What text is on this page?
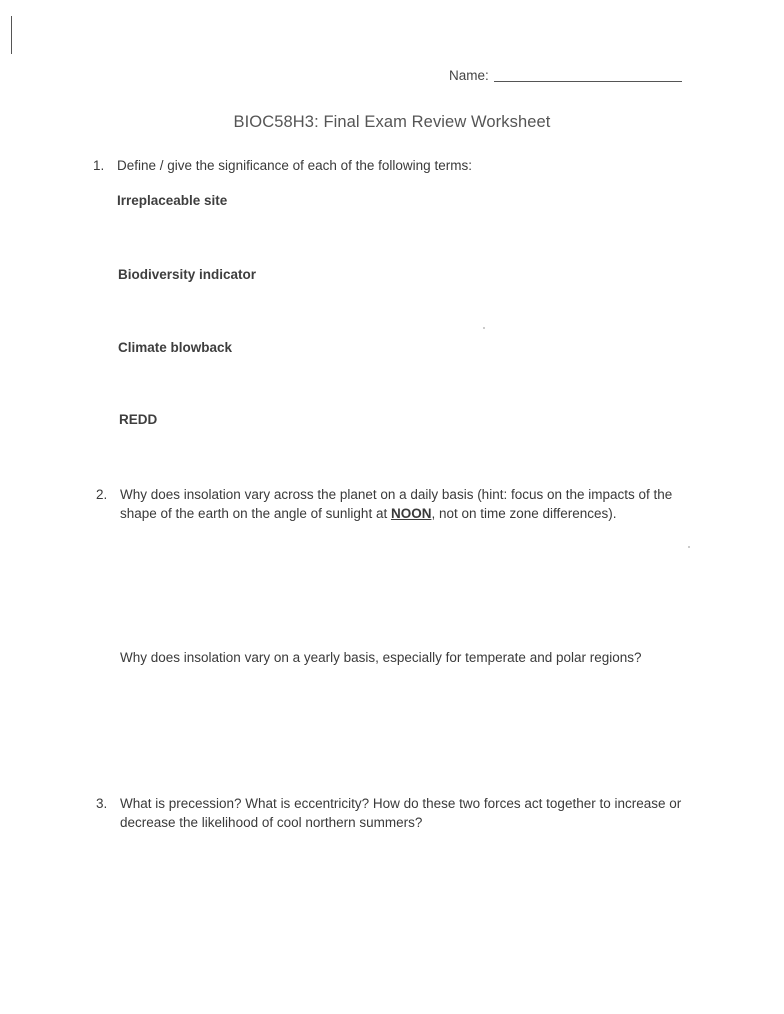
Name:
BIOC58H3: Final Exam Review Worksheet
1. Define / give the significance of each of the following terms:
Irreplaceable site
Biodiversity indicator
Climate blowback
REDD
2. Why does insolation vary across the planet on a daily basis (hint: focus on the impacts of the shape of the earth on the angle of sunlight at NOON, not on time zone differences).
Why does insolation vary on a yearly basis, especially for temperate and polar regions?
3. What is precession? What is eccentricity? How do these two forces act together to increase or decrease the likelihood of cool northern summers?
